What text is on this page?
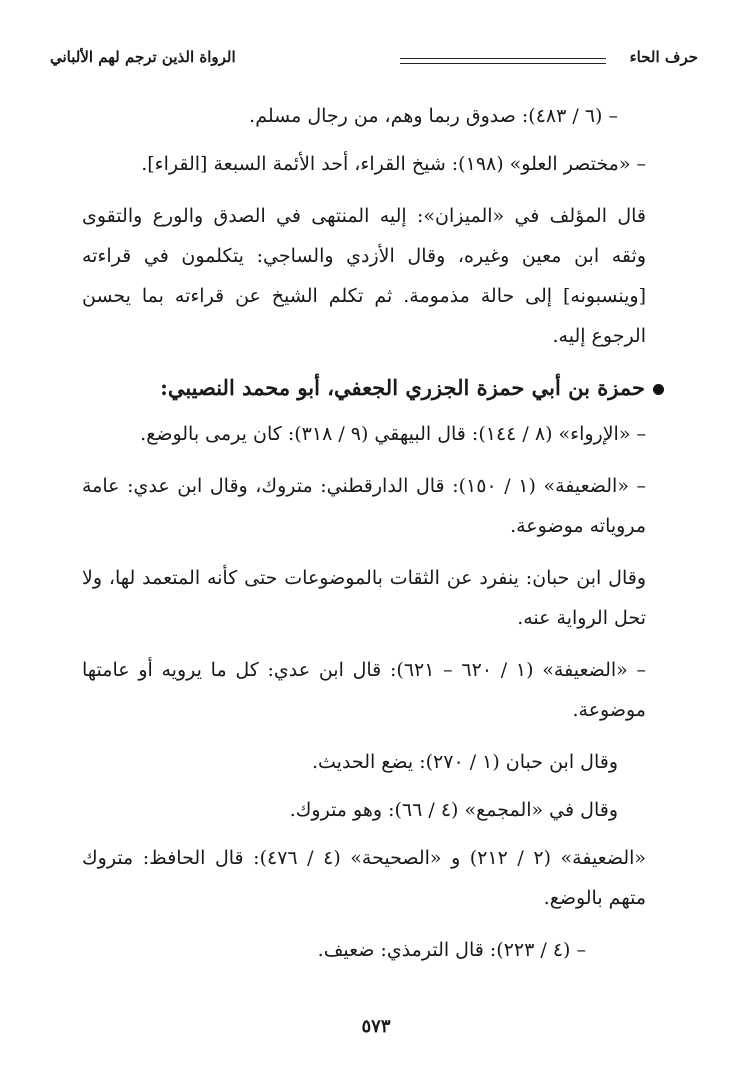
حرف الحاء
الرواة الذين ترجم لهم الألباني

– (٦ / ٤٨٣): صدوق ربما وهم، من رجال مسلم.

– «مختصر العلو» (١٩٨): شيخ القراء، أحد الأئمة السبعة [القراء].

قال المؤلف في «الميزان»: إليه المنتهى في الصدق والورع والتقوى وثقه ابن معين وغيره، وقال الأزدي والساجي: يتكلمون في قراءته [وينسبونه] إلى حالة مذمومة. ثم تكلم الشيخ عن قراءته بما يحسن الرجوع إليه.

حمزة بن أبي حمزة الجزري الجعفي، أبو محمد النصيبي:

– «الإرواء» (٨ / ١٤٤): قال البيهقي (٩ / ٣١٨): كان يرمى بالوضع.

– «الضعيفة» (١ / ١٥٠): قال الدارقطني: متروك، وقال ابن عدي: عامة مروياته موضوعة.

وقال ابن حبان: ينفرد عن الثقات بالموضوعات حتى كأنه المتعمد لها، ولا تحل الرواية عنه.

– «الضعيفة» (١ / ٦٢٠ – ٦٢١): قال ابن عدي: كل ما يرويه أو عامتها موضوعة.

وقال ابن حبان (١ / ٢٧٠): يضع الحديث.

وقال في «المجمع» (٤ / ٦٦): وهو متروك.

«الضعيفة» (٢ / ٢١٢) و «الصحيحة» (٤ / ٤٧٦): قال الحافظ: متروك متهم بالوضع.

– (٤ / ٢٢٣): قال الترمذي: ضعيف.

٥٧٣
